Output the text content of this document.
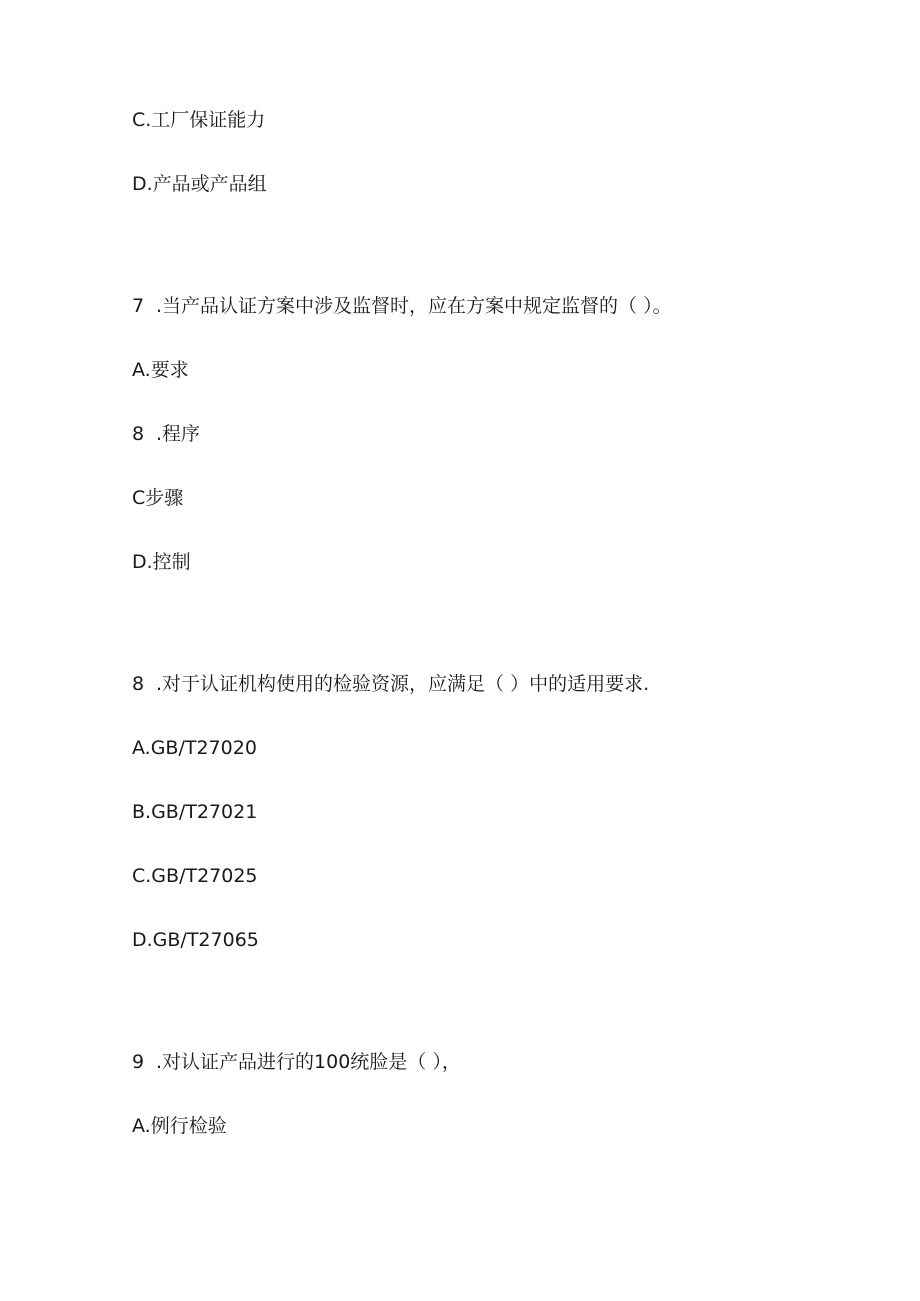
C.工厂保证能力
D.产品或产品组
7 .当产品认证方案中涉及监督时，应在方案中规定监督的（ ）。
A.要求
8 .程序
C步骤
D.控制
8 .对于认证机构使用的检验资源，应满足（ ）中的适用要求.
A.GB/T27020
B.GB/T27021
C.GB/T27025
D.GB/T27065
9 .对认证产品进行的100统脸是（ ），
A.例行检验
